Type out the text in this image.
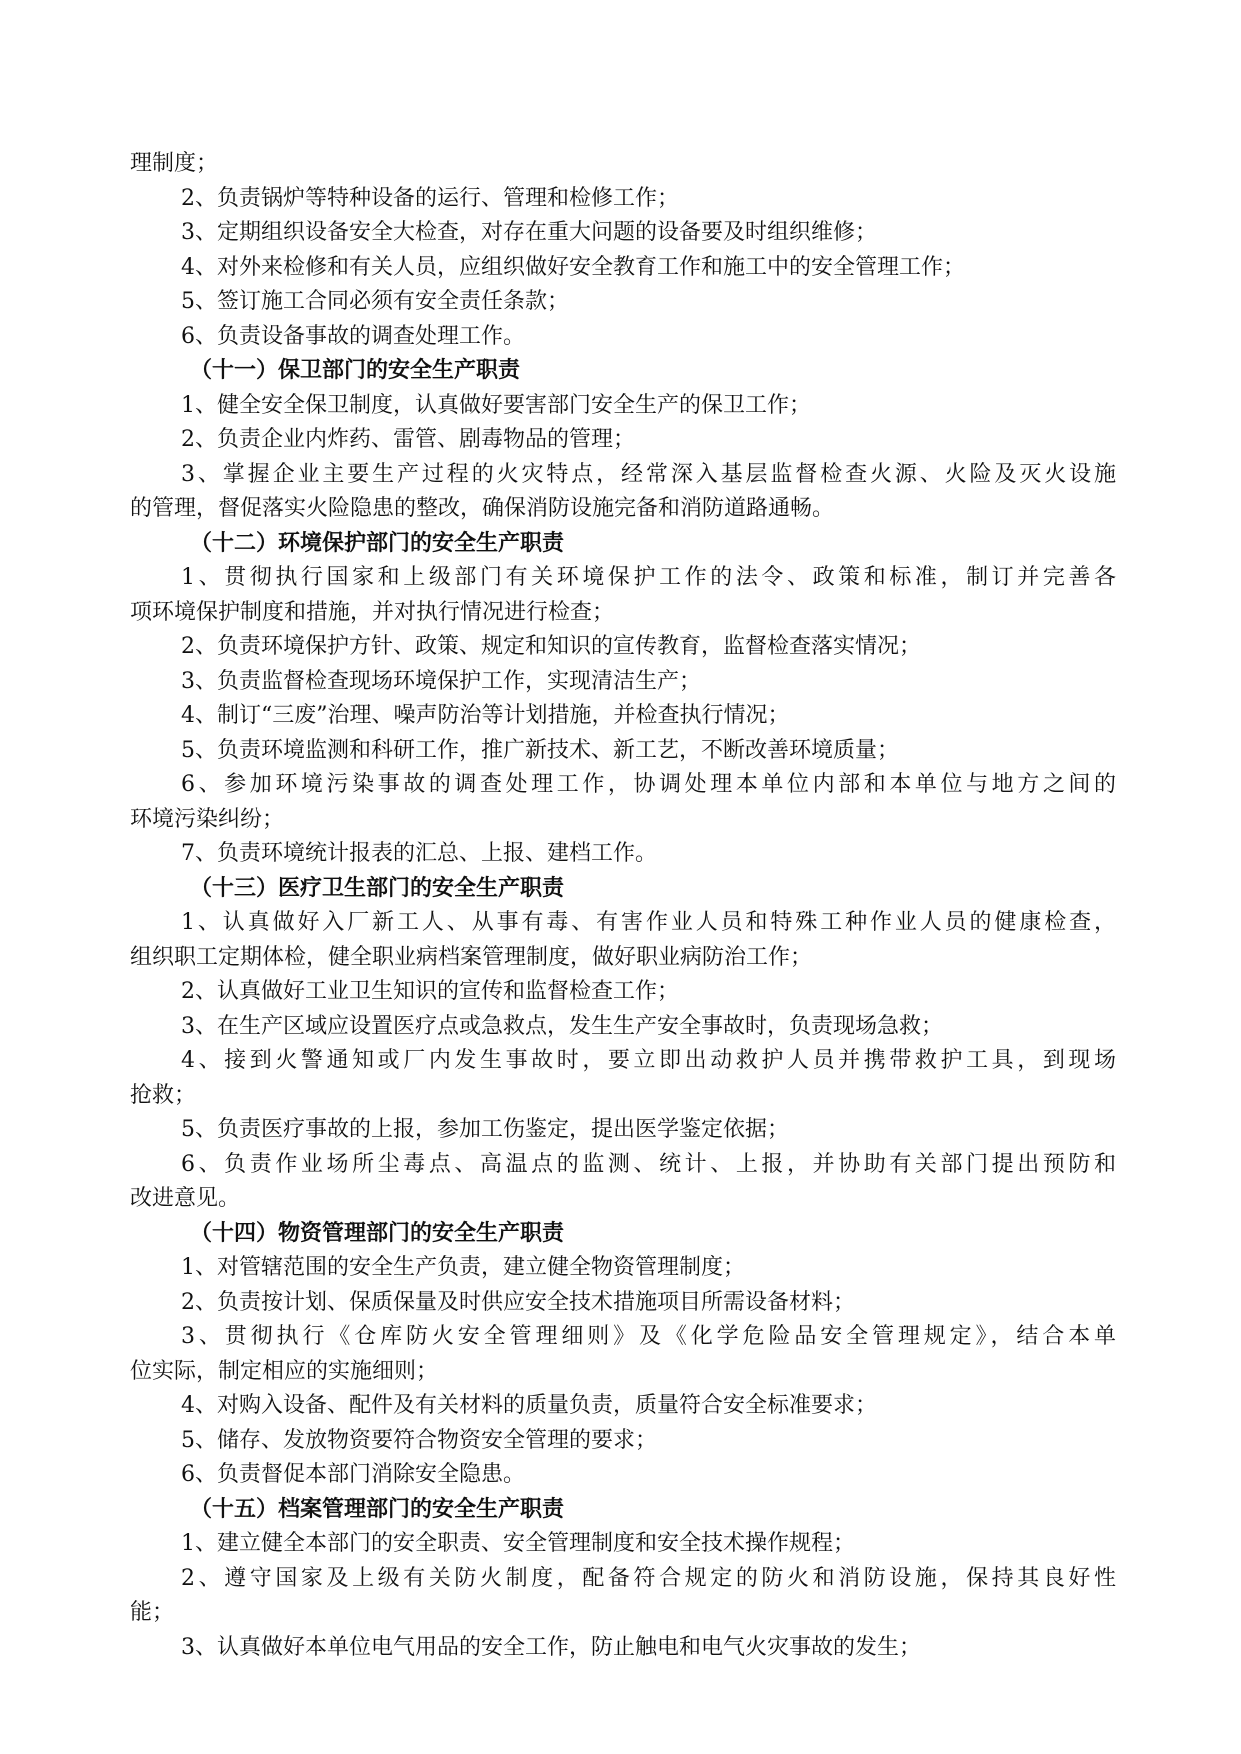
理制度；
2、负责锅炉等特种设备的运行、管理和检修工作；
3、定期组织设备安全大检查，对存在重大问题的设备要及时组织维修；
4、对外来检修和有关人员，应组织做好安全教育工作和施工中的安全管理工作；
5、签订施工合同必须有安全责任条款；
6、负责设备事故的调查处理工作。
（十一）保卫部门的安全生产职责
1、健全安全保卫制度，认真做好要害部门安全生产的保卫工作；
2、负责企业内炸药、雷管、剧毒物品的管理；
3、掌握企业主要生产过程的火灾特点，经常深入基层监督检查火源、火险及灭火设施
的管理，督促落实火险隐患的整改，确保消防设施完备和消防道路通畅。
（十二）环境保护部门的安全生产职责
1、贯彻执行国家和上级部门有关环境保护工作的法令、政策和标准，制订并完善各
项环境保护制度和措施，并对执行情况进行检查；
2、负责环境保护方针、政策、规定和知识的宣传教育，监督检查落实情况；
3、负责监督检查现场环境保护工作，实现清洁生产；
4、制订“三废”治理、噪声防治等计划措施，并检查执行情况；
5、负责环境监测和科研工作，推广新技术、新工艺，不断改善环境质量；
6、参加环境污染事故的调查处理工作，协调处理本单位内部和本单位与地方之间的
环境污染纠纷；
7、负责环境统计报表的汇总、上报、建档工作。
（十三）医疗卫生部门的安全生产职责
1、认真做好入厂新工人、从事有毒、有害作业人员和特殊工种作业人员的健康检查，
组织职工定期体检，健全职业病档案管理制度，做好职业病防治工作；
2、认真做好工业卫生知识的宣传和监督检查工作；
3、在生产区域应设置医疗点或急救点，发生生产安全事故时，负责现场急救；
4、接到火警通知或厂内发生事故时，要立即出动救护人员并携带救护工具，到现场
抢救；
5、负责医疗事故的上报，参加工伤鉴定，提出医学鉴定依据；
6、负责作业场所尘毒点、高温点的监测、统计、上报，并协助有关部门提出预防和
改进意见。
（十四）物资管理部门的安全生产职责
1、对管辖范围的安全生产负责，建立健全物资管理制度；
2、负责按计划、保质保量及时供应安全技术措施项目所需设备材料；
3、贯彻执行《仓库防火安全管理细则》及《化学危险品安全管理规定》，结合本单
位实际，制定相应的实施细则；
4、对购入设备、配件及有关材料的质量负责，质量符合安全标准要求；
5、储存、发放物资要符合物资安全管理的要求；
6、负责督促本部门消除安全隐患。
（十五）档案管理部门的安全生产职责
1、建立健全本部门的安全职责、安全管理制度和安全技术操作规程；
2、遵守国家及上级有关防火制度，配备符合规定的防火和消防设施，保持其良好性
能；
3、认真做好本单位电气用品的安全工作，防止触电和电气火灾事故的发生；
